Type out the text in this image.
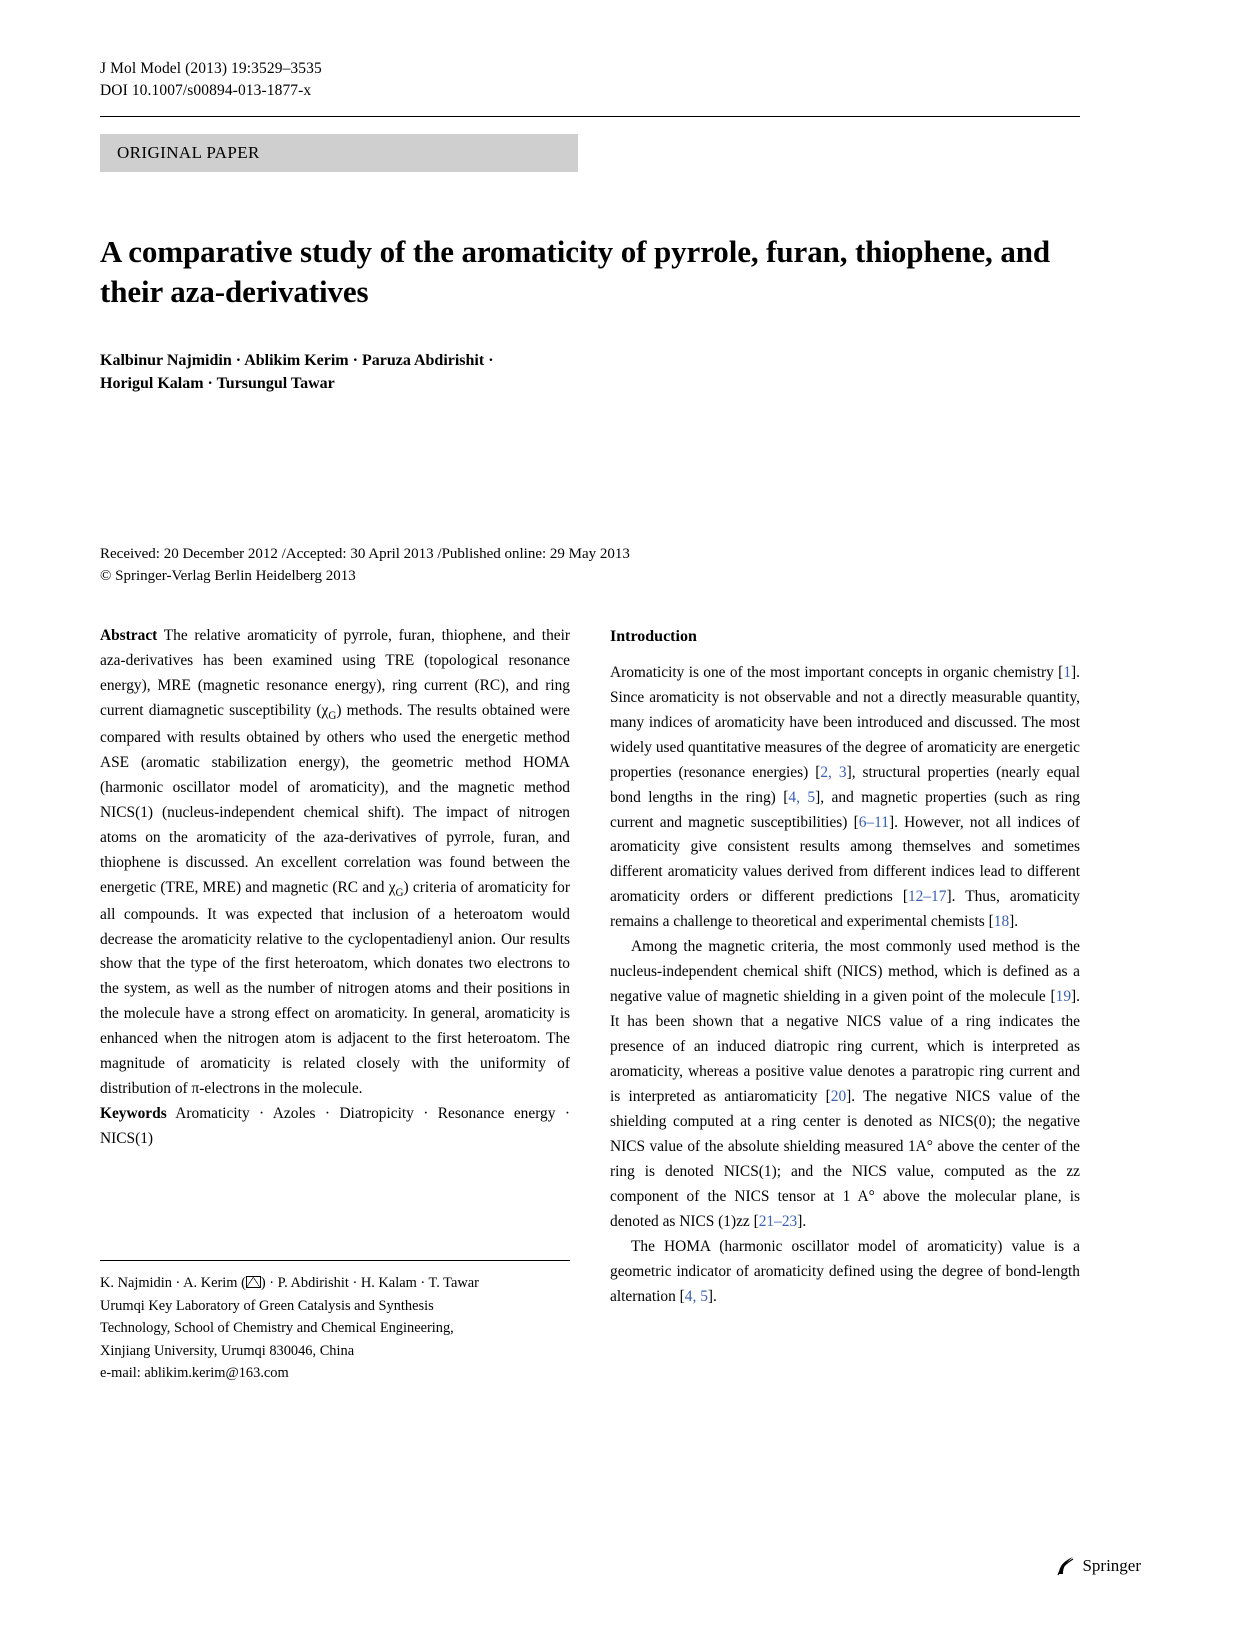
J Mol Model (2013) 19:3529–3535
DOI 10.1007/s00894-013-1877-x
ORIGINAL PAPER
A comparative study of the aromaticity of pyrrole, furan, thiophene, and their aza-derivatives
Kalbinur Najmidin · Ablikim Kerim · Paruza Abdirishit ·
Horigul Kalam · Tursungul Tawar
Received: 20 December 2012 /Accepted: 30 April 2013 /Published online: 29 May 2013
© Springer-Verlag Berlin Heidelberg 2013

Abstract The relative aromaticity of pyrrole, furan, thiophene, and their aza-derivatives has been examined using TRE (topological resonance energy), MRE (magnetic resonance energy), ring current (RC), and ring current diamagnetic susceptibility $(\chi_G)$ methods. The results obtained were compared with results obtained by others who used the energetic method ASE (aromatic stabilization energy), the geometric method HOMA (harmonic oscillator model of aromaticity), and the magnetic method NICS(1) (nucleus-independent chemical shift). The impact of nitrogen atoms on the aromaticity of the aza-derivatives of pyrrole, furan, and thiophene is discussed. An excellent correlation was found between the energetic (TRE, MRE) and magnetic (RC and $\chi_G$) criteria of aromaticity for all compounds. It was expected that inclusion of a heteroatom would decrease the aromaticity relative to the cyclopentadienyl anion. Our results show that the type of the first heteroatom, which donates two electrons to the system, as well as the number of nitrogen atoms and their positions in the molecule have a strong effect on aromaticity. In general, aromaticity is enhanced when the nitrogen atom is adjacent to the first heteroatom. The magnitude of aromaticity is related closely with the uniformity of distribution of π-electrons in the molecule.

Keywords Aromaticity · Azoles · Diatropicity · Resonance energy · NICS(1)

K. Najmidin · A. Kerim ( ) · P. Abdirishit · H. Kalam · T. Tawar
Urumqi Key Laboratory of Green Catalysis and Synthesis
Technology, School of Chemistry and Chemical Engineering,
Xinjiang University, Urumqi 830046, China
e-mail: ablikim.kerim@163.com
Introduction

Aromaticity is one of the most important concepts in organic chemistry [1]. Since aromaticity is not observable and not a directly measurable quantity, many indices of aromaticity have been introduced and discussed. The most widely used quantitative measures of the degree of aromaticity are energetic properties (resonance energies) [2, 3], structural properties (nearly equal bond lengths in the ring) [4, 5], and magnetic properties (such as ring current and magnetic susceptibilities) [6–11]. However, not all indices of aromaticity give consistent results among themselves and sometimes different aromaticity values derived from different indices lead to different aromaticity orders or different predictions [12–17]. Thus, aromaticity remains a challenge to theoretical and experimental chemists [18].

Among the magnetic criteria, the most commonly used method is the nucleus-independent chemical shift (NICS) method, which is defined as a negative value of magnetic shielding in a given point of the molecule [19]. It has been shown that a negative NICS value of a ring indicates the presence of an induced diatropic ring current, which is interpreted as aromaticity, whereas a positive value denotes a paratropic ring current and is interpreted as antiaromaticity [20]. The negative NICS value of the shielding computed at a ring center is denoted as NICS(0); the negative NICS value of the absolute shielding measured 1A° above the center of the ring is denoted NICS(1); and the NICS value, computed as the zz component of the NICS tensor at 1 A° above the molecular plane, is denoted as NICS (1)zz [21–23].

The HOMA (harmonic oscillator model of aromaticity) value is a geometric indicator of aromaticity defined using the degree of bond-length alternation [4, 5].

Springer
